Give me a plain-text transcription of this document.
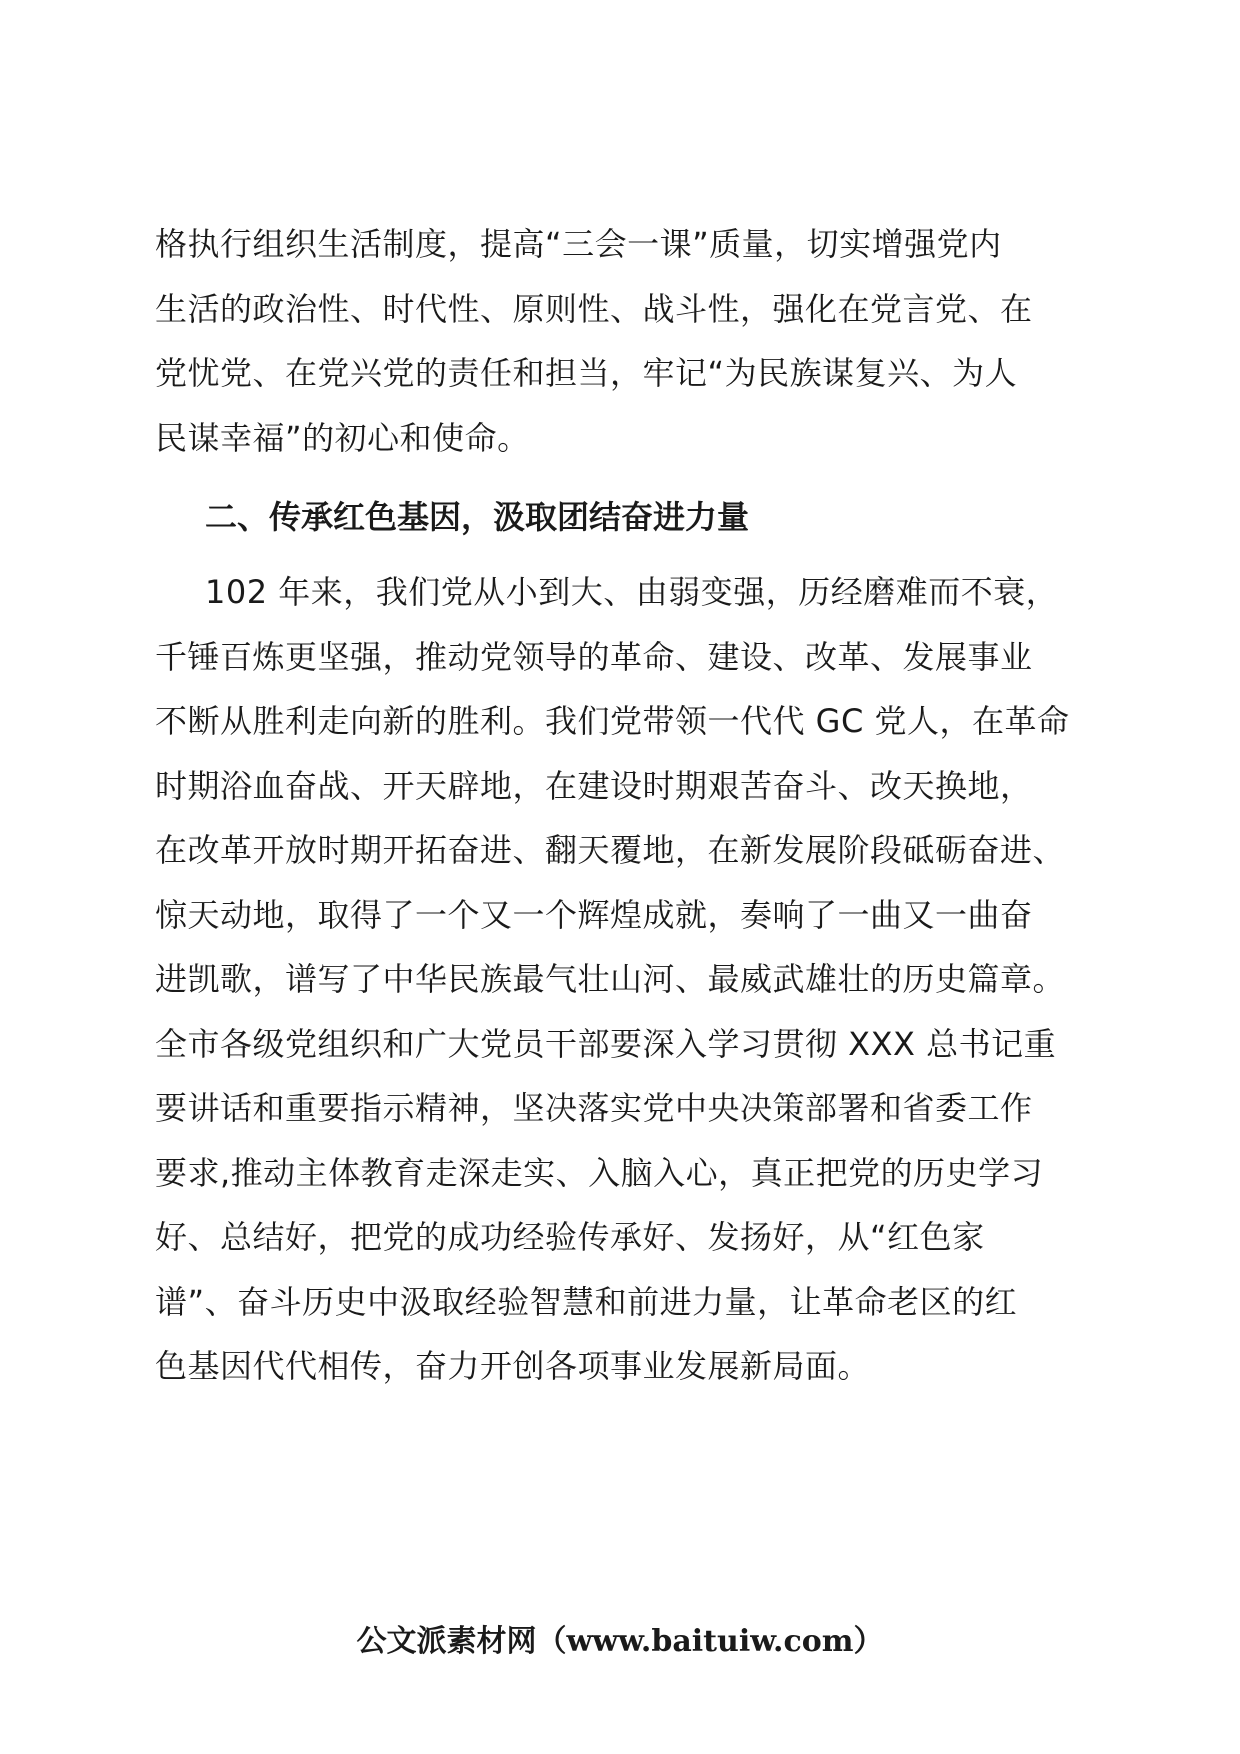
格执行组织生活制度，提高“三会一课”质量，切实增强党内
生活的政治性、时代性、原则性、战斗性，强化在党言党、在
党忧党、在党兴党的责任和担当，牢记“为民族谋复兴、为人
民谋幸福”的初心和使命。
二、传承红色基因，汲取团结奋进力量
102 年来，我们党从小到大、由弱变强，历经磨难而不衰，
千锤百炼更坚强，推动党领导的革命、建设、改革、发展事业
不断从胜利走向新的胜利。我们党带领一代代 GC 党人，在革命
时期浴血奋战、开天辟地，在建设时期艰苦奋斗、改天换地，
在改革开放时期开拓奋进、翻天覆地，在新发展阶段砥砺奋进、
惊天动地，取得了一个又一个辉煌成就，奏响了一曲又一曲奋
进凯歌，谱写了中华民族最气壮山河、最威武雄壮的历史篇章。
全市各级党组织和广大党员干部要深入学习贯彻 XXX 总书记重
要讲话和重要指示精神，坚决落实党中央决策部署和省委工作
要求,推动主体教育走深走实、入脑入心，真正把党的历史学习
好、总结好，把党的成功经验传承好、发扬好，从“红色家
谱”、奋斗历史中汲取经验智慧和前进力量，让革命老区的红
色基因代代相传，奋力开创各项事业发展新局面。
公文派素材网（www.baituiw.com）
